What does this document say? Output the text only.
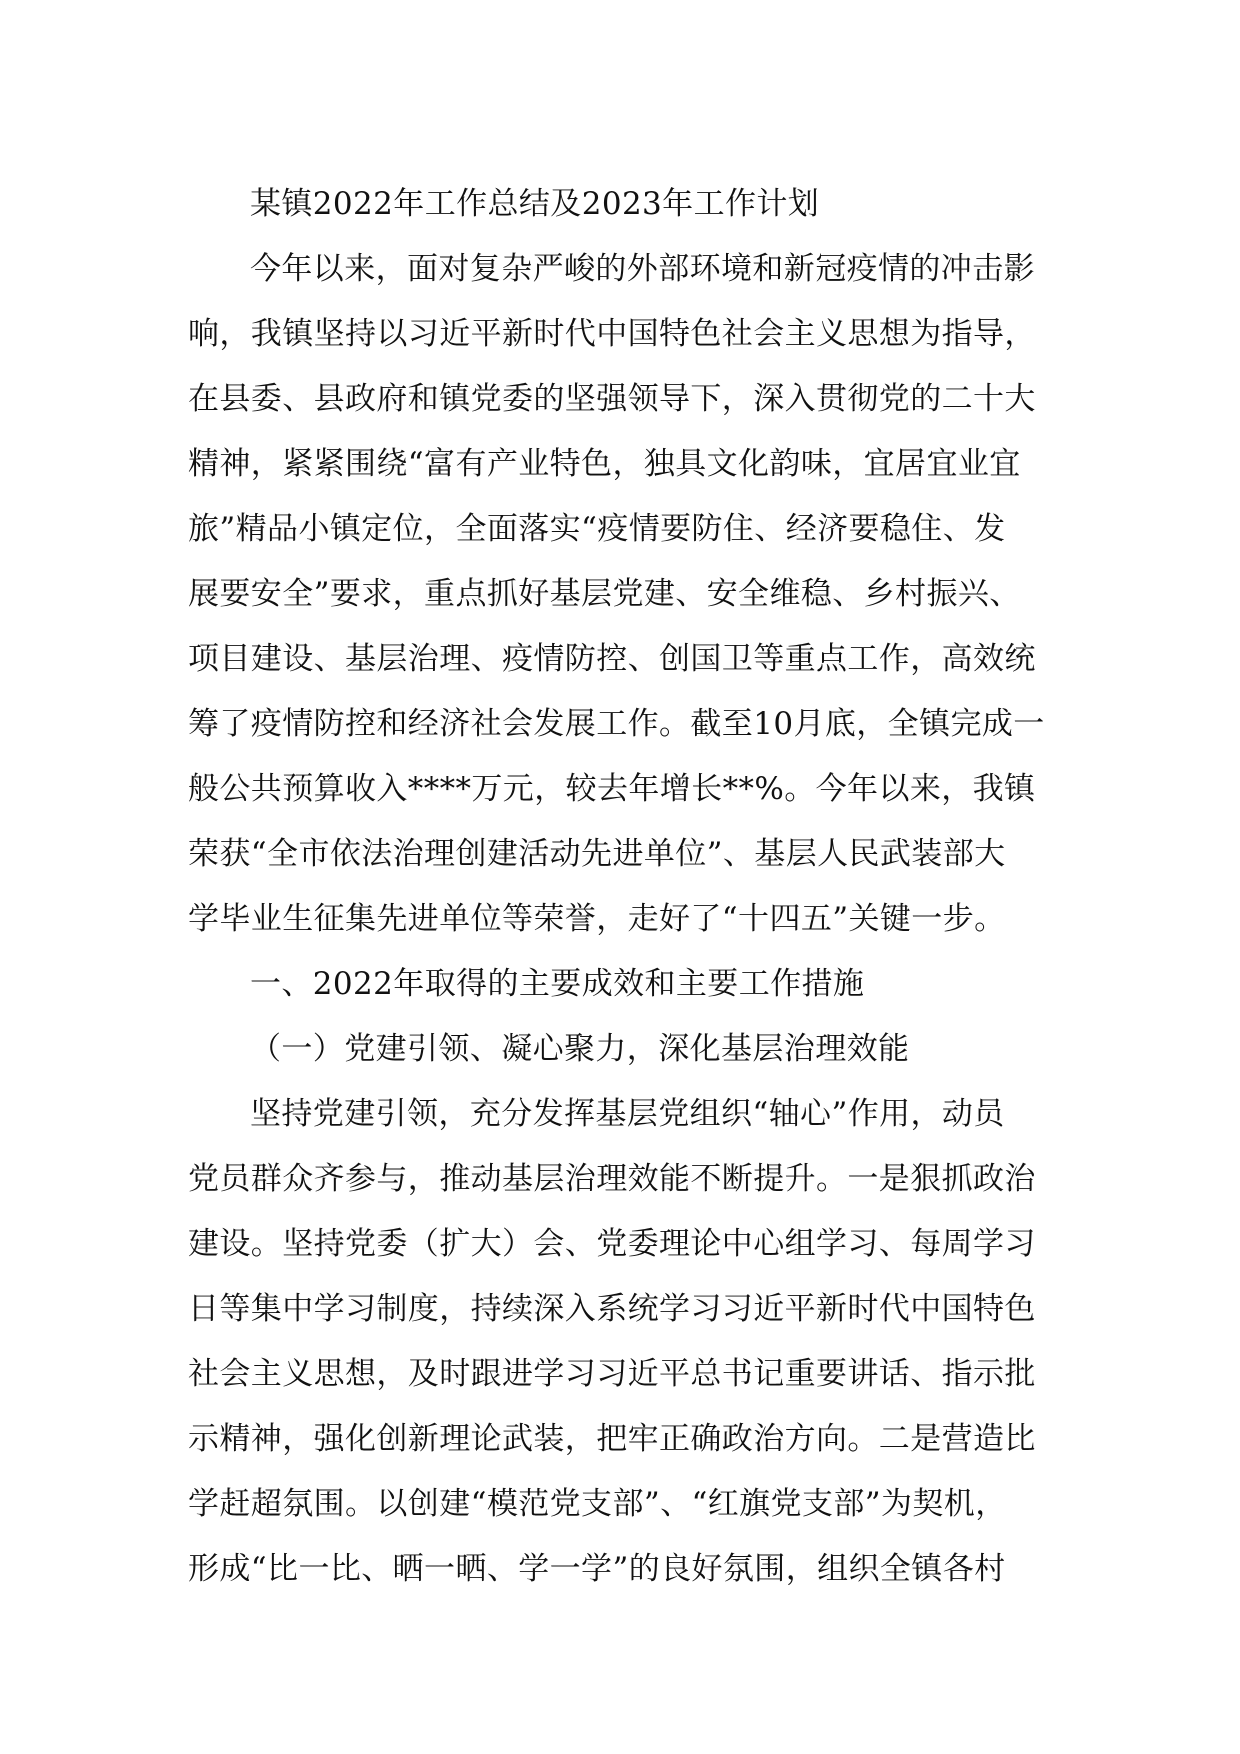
某镇2022年工作总结及2023年工作计划
今年以来，面对复杂严峻的外部环境和新冠疫情的冲击影
响，我镇坚持以习近平新时代中国特色社会主义思想为指导，
在县委、县政府和镇党委的坚强领导下，深入贯彻党的二十大
精神，紧紧围绕“富有产业特色，独具文化韵味，宜居宜业宜
旅”精品小镇定位，全面落实“疫情要防住、经济要稳住、发
展要安全”要求，重点抓好基层党建、安全维稳、乡村振兴、
项目建设、基层治理、疫情防控、创国卫等重点工作，高效统
筹了疫情防控和经济社会发展工作。截至10月底，全镇完成一
般公共预算收入****万元，较去年增长**%。今年以来，我镇
荣获“全市依法治理创建活动先进单位”、基层人民武装部大
学毕业生征集先进单位等荣誉，走好了“十四五”关键一步。
一、2022年取得的主要成效和主要工作措施
（一）党建引领、凝心聚力，深化基层治理效能
坚持党建引领，充分发挥基层党组织“轴心”作用，动员
党员群众齐参与，推动基层治理效能不断提升。一是狠抓政治
建设。坚持党委（扩大）会、党委理论中心组学习、每周学习
日等集中学习制度，持续深入系统学习习近平新时代中国特色
社会主义思想，及时跟进学习习近平总书记重要讲话、指示批
示精神，强化创新理论武装，把牢正确政治方向。二是营造比
学赶超氛围。以创建“模范党支部”、“红旗党支部”为契机，
形成“比一比、晒一晒、学一学”的良好氛围，组织全镇各村
